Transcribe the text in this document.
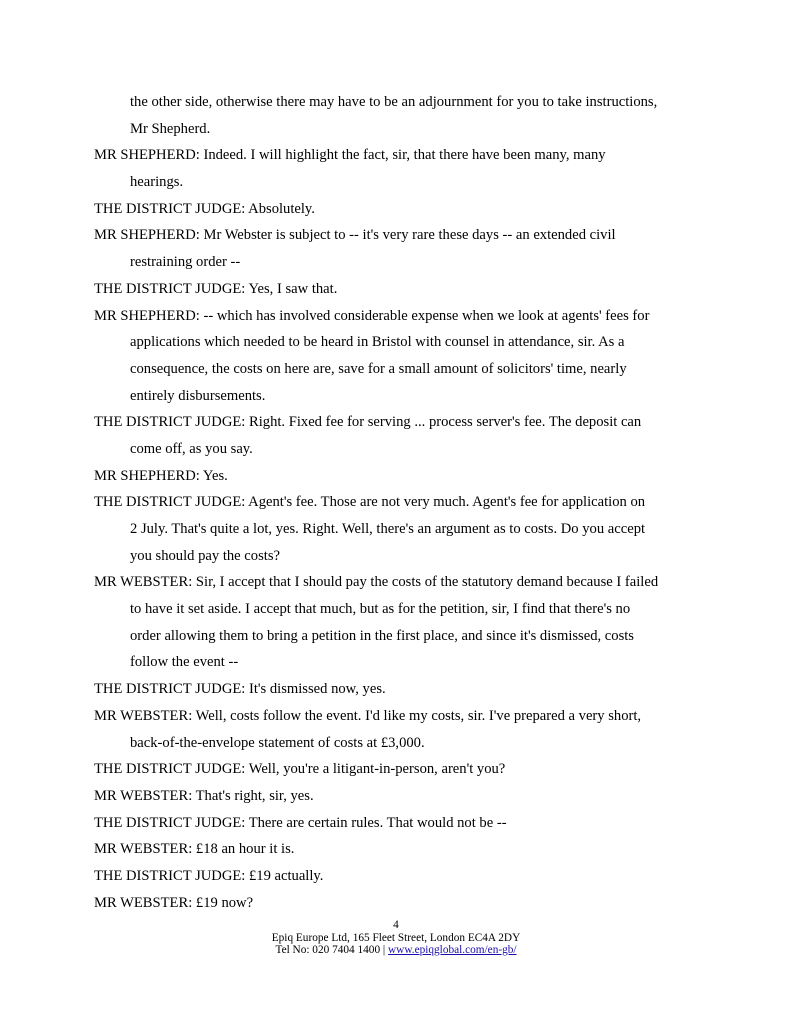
the other side, otherwise there may have to be an adjournment for you to take instructions,
Mr Shepherd.
MR SHEPHERD: Indeed. I will highlight the fact, sir, that there have been many, many
hearings.
THE DISTRICT JUDGE: Absolutely.
MR SHEPHERD: Mr Webster is subject to -- it's very rare these days -- an extended civil
restraining order --
THE DISTRICT JUDGE: Yes, I saw that.
MR SHEPHERD: -- which has involved considerable expense when we look at agents' fees for
applications which needed to be heard in Bristol with counsel in attendance, sir. As a
consequence, the costs on here are, save for a small amount of solicitors' time, nearly
entirely disbursements.
THE DISTRICT JUDGE: Right. Fixed fee for serving ... process server's fee. The deposit can
come off, as you say.
MR SHEPHERD: Yes.
THE DISTRICT JUDGE: Agent's fee. Those are not very much. Agent's fee for application on
2 July. That's quite a lot, yes. Right. Well, there's an argument as to costs. Do you accept
you should pay the costs?
MR WEBSTER: Sir, I accept that I should pay the costs of the statutory demand because I failed
to have it set aside. I accept that much, but as for the petition, sir, I find that there's no
order allowing them to bring a petition in the first place, and since it's dismissed, costs
follow the event --
THE DISTRICT JUDGE: It's dismissed now, yes.
MR WEBSTER: Well, costs follow the event. I'd like my costs, sir. I've prepared a very short,
back-of-the-envelope statement of costs at £3,000.
THE DISTRICT JUDGE: Well, you're a litigant-in-person, aren't you?
MR WEBSTER: That's right, sir, yes.
THE DISTRICT JUDGE: There are certain rules. That would not be --
MR WEBSTER: £18 an hour it is.
THE DISTRICT JUDGE: £19 actually.
MR WEBSTER: £19 now?
4
Epiq Europe Ltd, 165 Fleet Street, London EC4A 2DY
Tel No: 020 7404 1400 | www.epiqglobal.com/en-gb/
